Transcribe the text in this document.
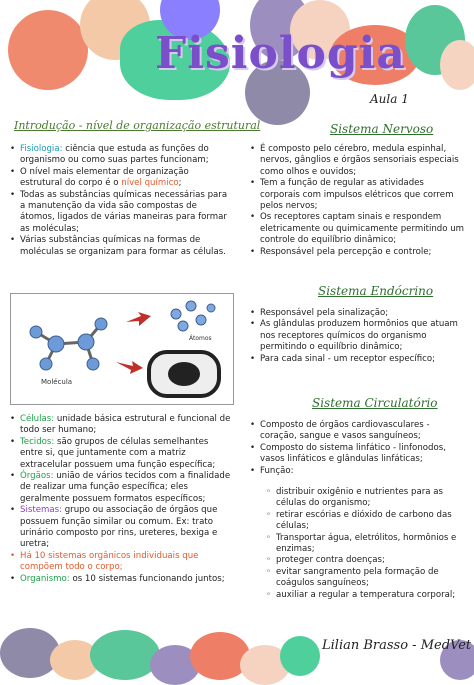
Fisiologia
Aula 1
Introdução - nível de organização estrutural
• Fisiologia: ciência que estuda as funções do organismo ou como suas partes funcionam;
• O nível mais elementar de organização estrutural do corpo é o nível químico;
• Todas as substâncias químicas necessárias para a manutenção da vida são compostas de átomos, ligados de várias maneiras para formar as moléculas;
• Várias substâncias químicas na formas de moléculas se organizam para formar as células.
Molécula
Átomos
• Células: unidade básica estrutural e funcional de todo ser humano;
• Tecidos: são grupos de células semelhantes entre si, que juntamente com a matriz extracelular possuem uma função específica;
• Órgãos: união de vários tecidos com a finalidade de realizar uma função específica; eles geralmente possuem formatos específicos;
• Sistemas: grupo ou associação de órgãos que possuem função similar ou comum. Ex: trato urinário composto por rins, ureteres, bexiga e uretra;
• Há 10 sistemas orgânicos individuais que compõem todo o corpo;
• Organismo: os 10 sistemas funcionando juntos;
Sistema Nervoso
• É composto pelo cérebro, medula espinhal, nervos, gânglios e órgãos sensoriais especiais como olhos e ouvidos;
• Tem a função de regular as atividades corporais com impulsos elétricos que correm pelos nervos;
• Os receptores captam sinais e respondem eletricamente ou quimicamente permitindo um controle do equilíbrio dinâmico;
• Responsável pela percepção e controle;
Sistema Endócrino
• Responsável pela sinalização;
• As glândulas produzem hormônios que atuam nos receptores químicos do organismo permitindo o equilíbrio dinâmico;
• Para cada sinal - um receptor específico;
Sistema Circulatório
• Composto de órgãos cardiovasculares - coração, sangue e vasos sanguíneos;
• Composto do sistema linfático - linfonodos, vasos linfáticos e glândulas linfáticas;
• Função:
◦ distribuir oxigênio e nutrientes para as células do organismo;
◦ retirar escórias e dióxido de carbono das células;
◦ Transportar água, eletrólitos, hormônios e enzimas;
◦ proteger contra doenças;
◦ evitar sangramento pela formação de coágulos sanguíneos;
◦ auxiliar a regular a temperatura corporal;
Lilian Brasso - MedVet
